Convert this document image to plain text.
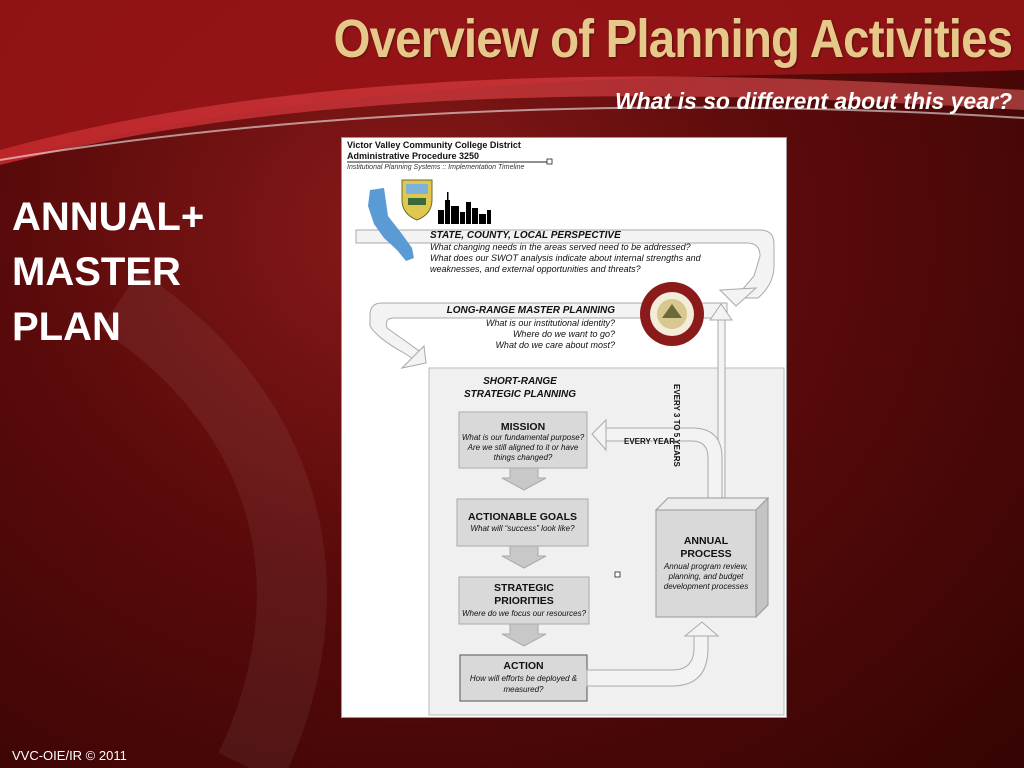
Overview of Planning Activities
What is so different about this year?
ANNUAL+
MASTER
PLAN
VVC-OIE/IR © 2011
Victor Valley Community College District
Administrative Procedure 3250
Institutional Planning Systems :: Implementation Timeline
STATE, COUNTY, LOCAL PERSPECTIVE
What changing needs in the areas served need to be addressed?
What does our SWOT analysis indicate about internal strengths and
weaknesses, and external opportunities and threats?
LONG-RANGE MASTER PLANNING
What is our institutional identity?
Where do we want to go?
What do we care about most?
EVERY 3 TO 5 YEARS
SHORT-RANGE
STRATEGIC PLANNING
MISSION
What is our fundamental purpose?
Are we still aligned to it or have
things changed?
EVERY YEAR
ACTIONABLE GOALS
What will “success” look like?
STRATEGIC
PRIORITIES
Where do we focus our resources?
ACTION
How will efforts be deployed &
measured?
ANNUAL
PROCESS
Annual program review,
planning, and budget
development processes
